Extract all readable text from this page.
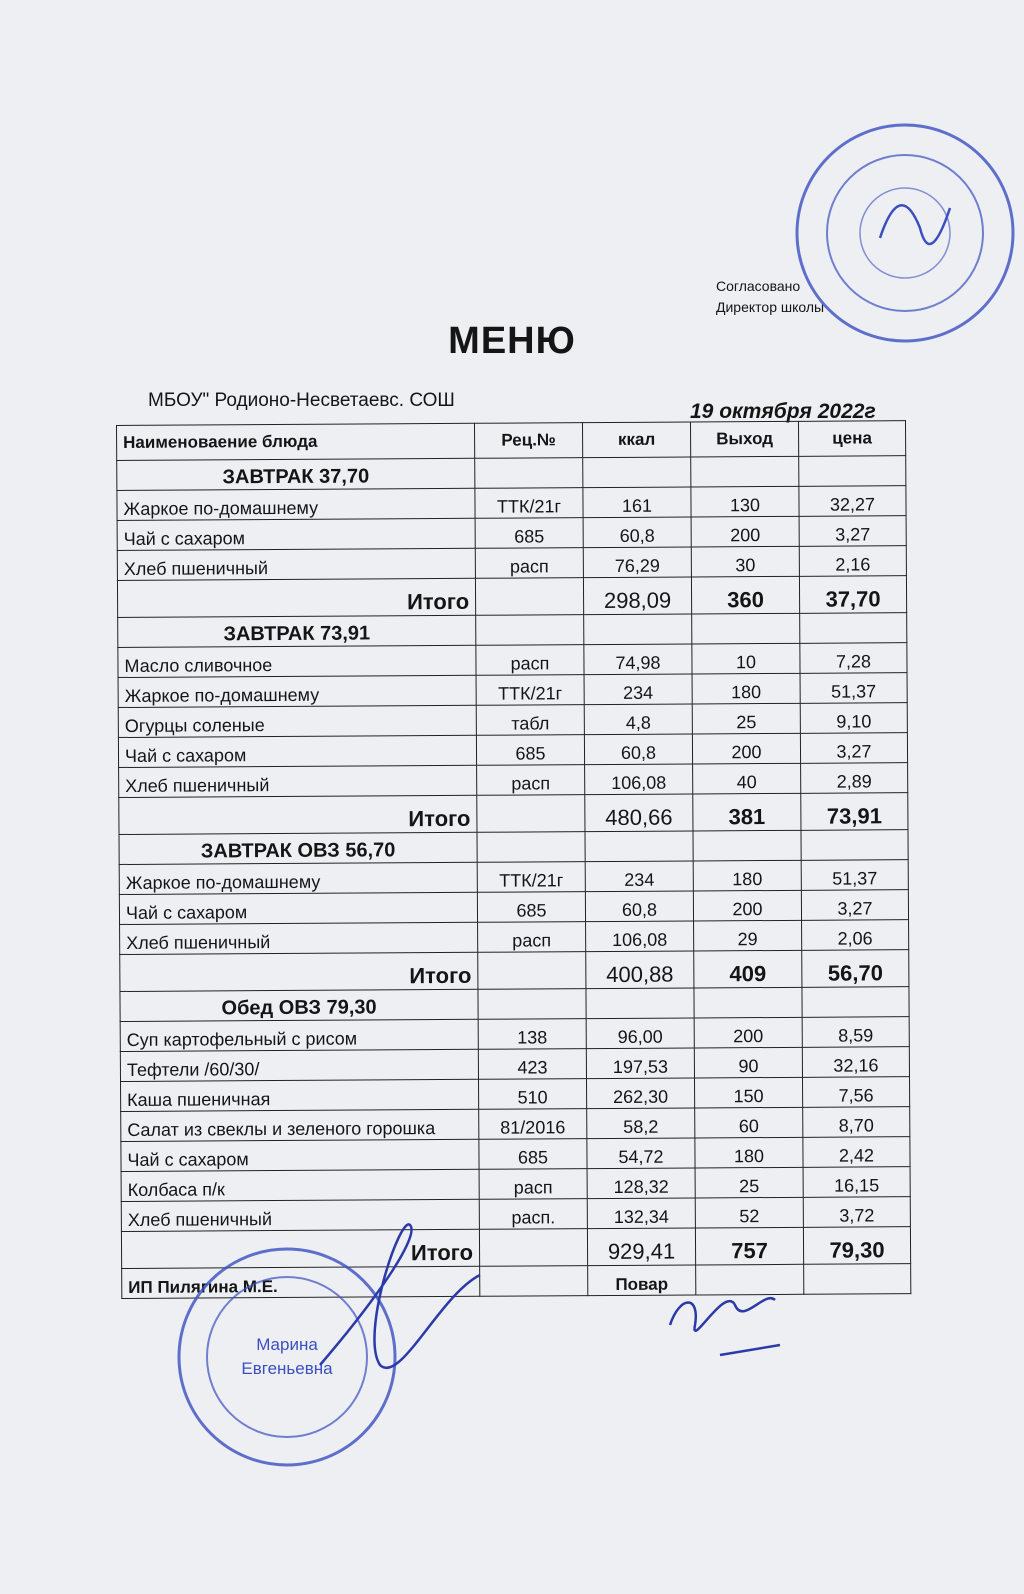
Согласовано
Директор школы
МЕНЮ
МБОУ" Родионо-Несветаевс. СОШ	19 октября 2022г
Наименоваение блюда	Рец.№	ккал	Выход	цена
ЗАВТРАК 37,70				
Жаркое по-домашнему	ТТК/21г	161	130	32,27
Чай с сахаром	685	60,8	200	3,27
Хлеб пшеничный	расп	76,29	30	2,16
Итого		298,09	360	37,70
ЗАВТРАК 73,91				
Масло сливочное	расп	74,98	10	7,28
Жаркое по-домашнему	ТТК/21г	234	180	51,37
Огурцы соленые	табл	4,8	25	9,10
Чай с сахаром	685	60,8	200	3,27
Хлеб пшеничный	расп	106,08	40	2,89
Итого		480,66	381	73,91
ЗАВТРАК ОВЗ 56,70				
Жаркое по-домашнему	ТТК/21г	234	180	51,37
Чай с сахаром	685	60,8	200	3,27
Хлеб пшеничный	расп	106,08	29	2,06
Итого		400,88	409	56,70
Обед ОВЗ 79,30				
Суп картофельный с рисом	138	96,00	200	8,59
Тефтели /60/30/	423	197,53	90	32,16
Каша пшеничная	510	262,30	150	7,56
Салат из свеклы и зеленого горошка	81/2016	58,2	60	8,70
Чай с сахаром	685	54,72	180	2,42
Колбаса п/к	расп	128,32	25	16,15
Хлеб пшеничный	расп.	132,34	52	3,72
Итого		929,41	757	79,30
ИП Пилягина М.Е.		Повар		
Марина
Евгеньевна
